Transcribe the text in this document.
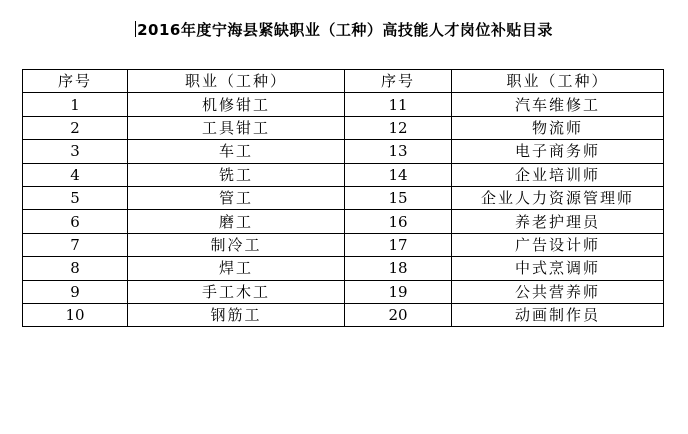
2016年度宁海县紧缺职业（工种）高技能人才岗位补贴目录
序号	职业（工种）	序号	职业（工种）
1	机修钳工	11	汽车维修工
2	工具钳工	12	物流师
3	车工	13	电子商务师
4	铣工	14	企业培训师
5	管工	15	企业人力资源管理师
6	磨工	16	养老护理员
7	制冷工	17	广告设计师
8	焊工	18	中式烹调师
9	手工木工	19	公共营养师
10	钢筋工	20	动画制作员
